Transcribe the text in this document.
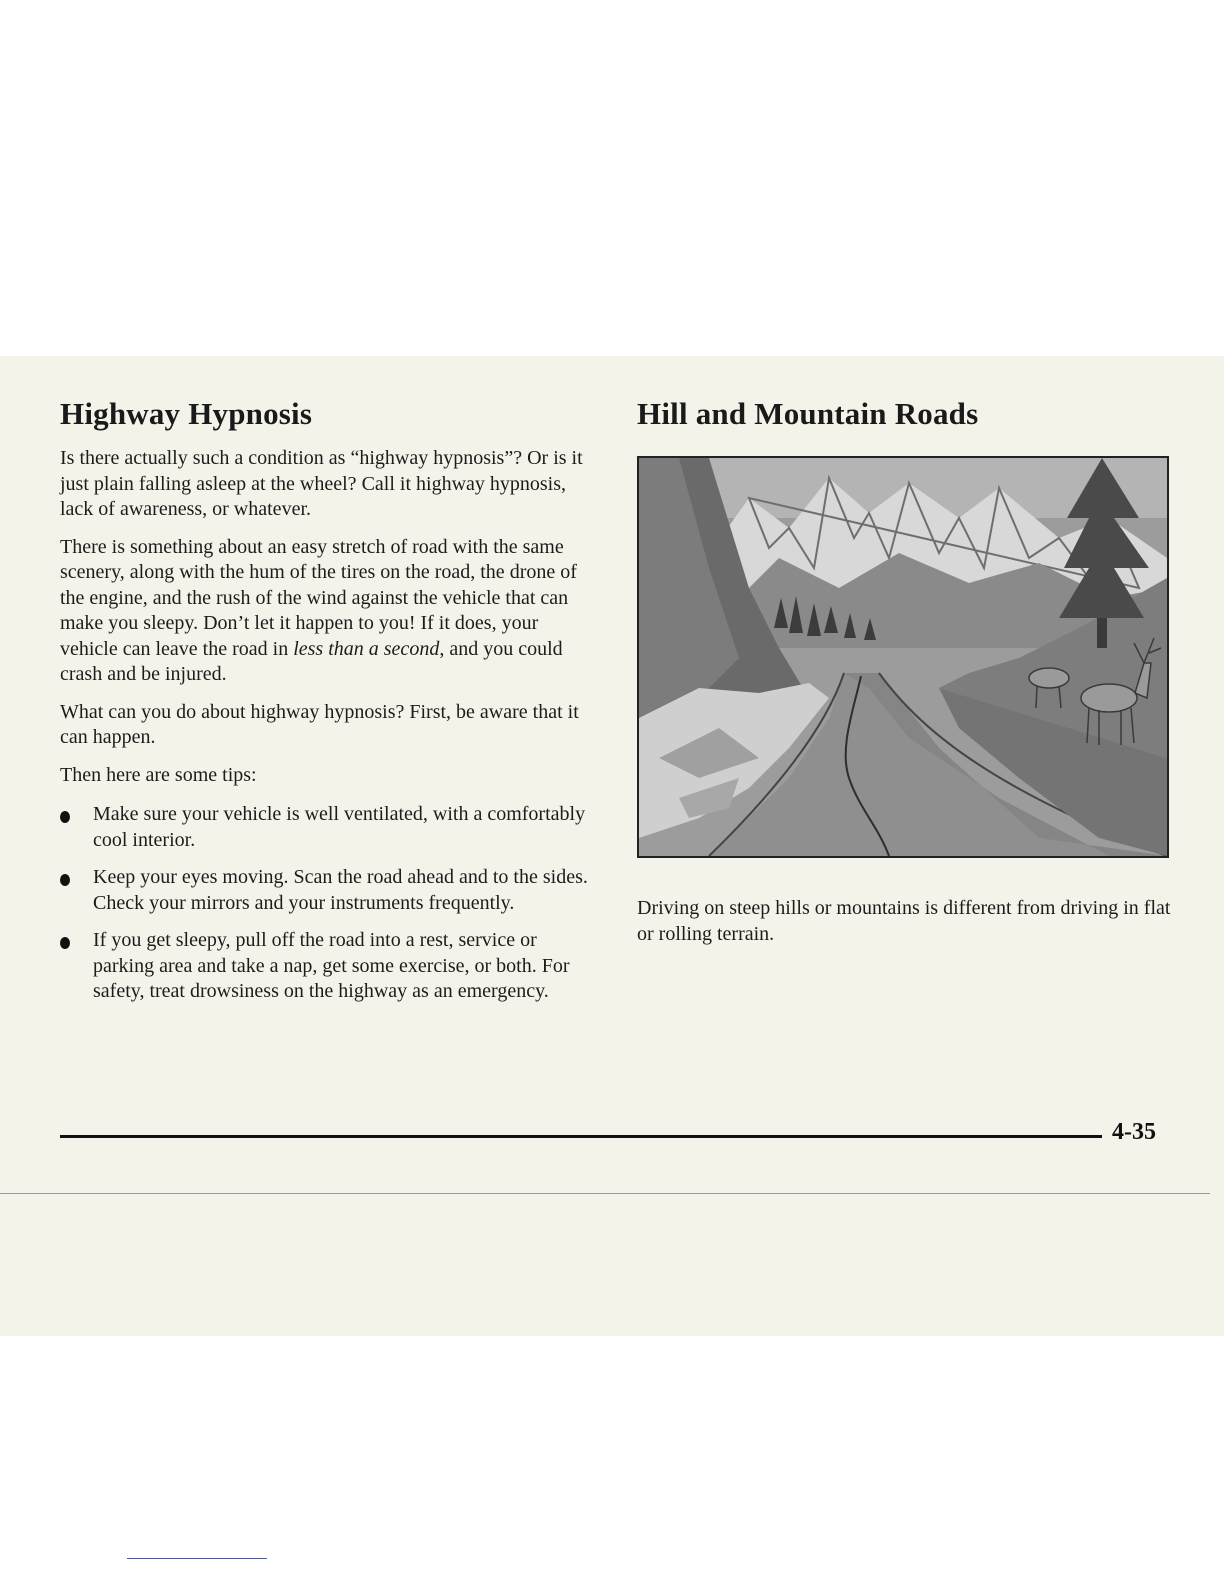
Highway Hypnosis

Is there actually such a condition as “highway hypnosis”? Or is it just plain falling asleep at the wheel? Call it highway hypnosis, lack of awareness, or whatever.

There is something about an easy stretch of road with the same scenery, along with the hum of the tires on the road, the drone of the engine, and the rush of the wind against the vehicle that can make you sleepy. Don’t let it happen to you! If it does, your vehicle can leave the road in less than a second, and you could crash and be injured.

What can you do about highway hypnosis? First, be aware that it can happen.

Then here are some tips:

Make sure your vehicle is well ventilated, with a comfortably cool interior.
Keep your eyes moving. Scan the road ahead and to the sides. Check your mirrors and your instruments frequently.
If you get sleepy, pull off the road into a rest, service or parking area and take a nap, get some exercise, or both. For safety, treat drowsiness on the highway as an emergency.
Hill and Mountain Roads

Driving on steep hills or mountains is different from driving in flat or rolling terrain.

4-35
